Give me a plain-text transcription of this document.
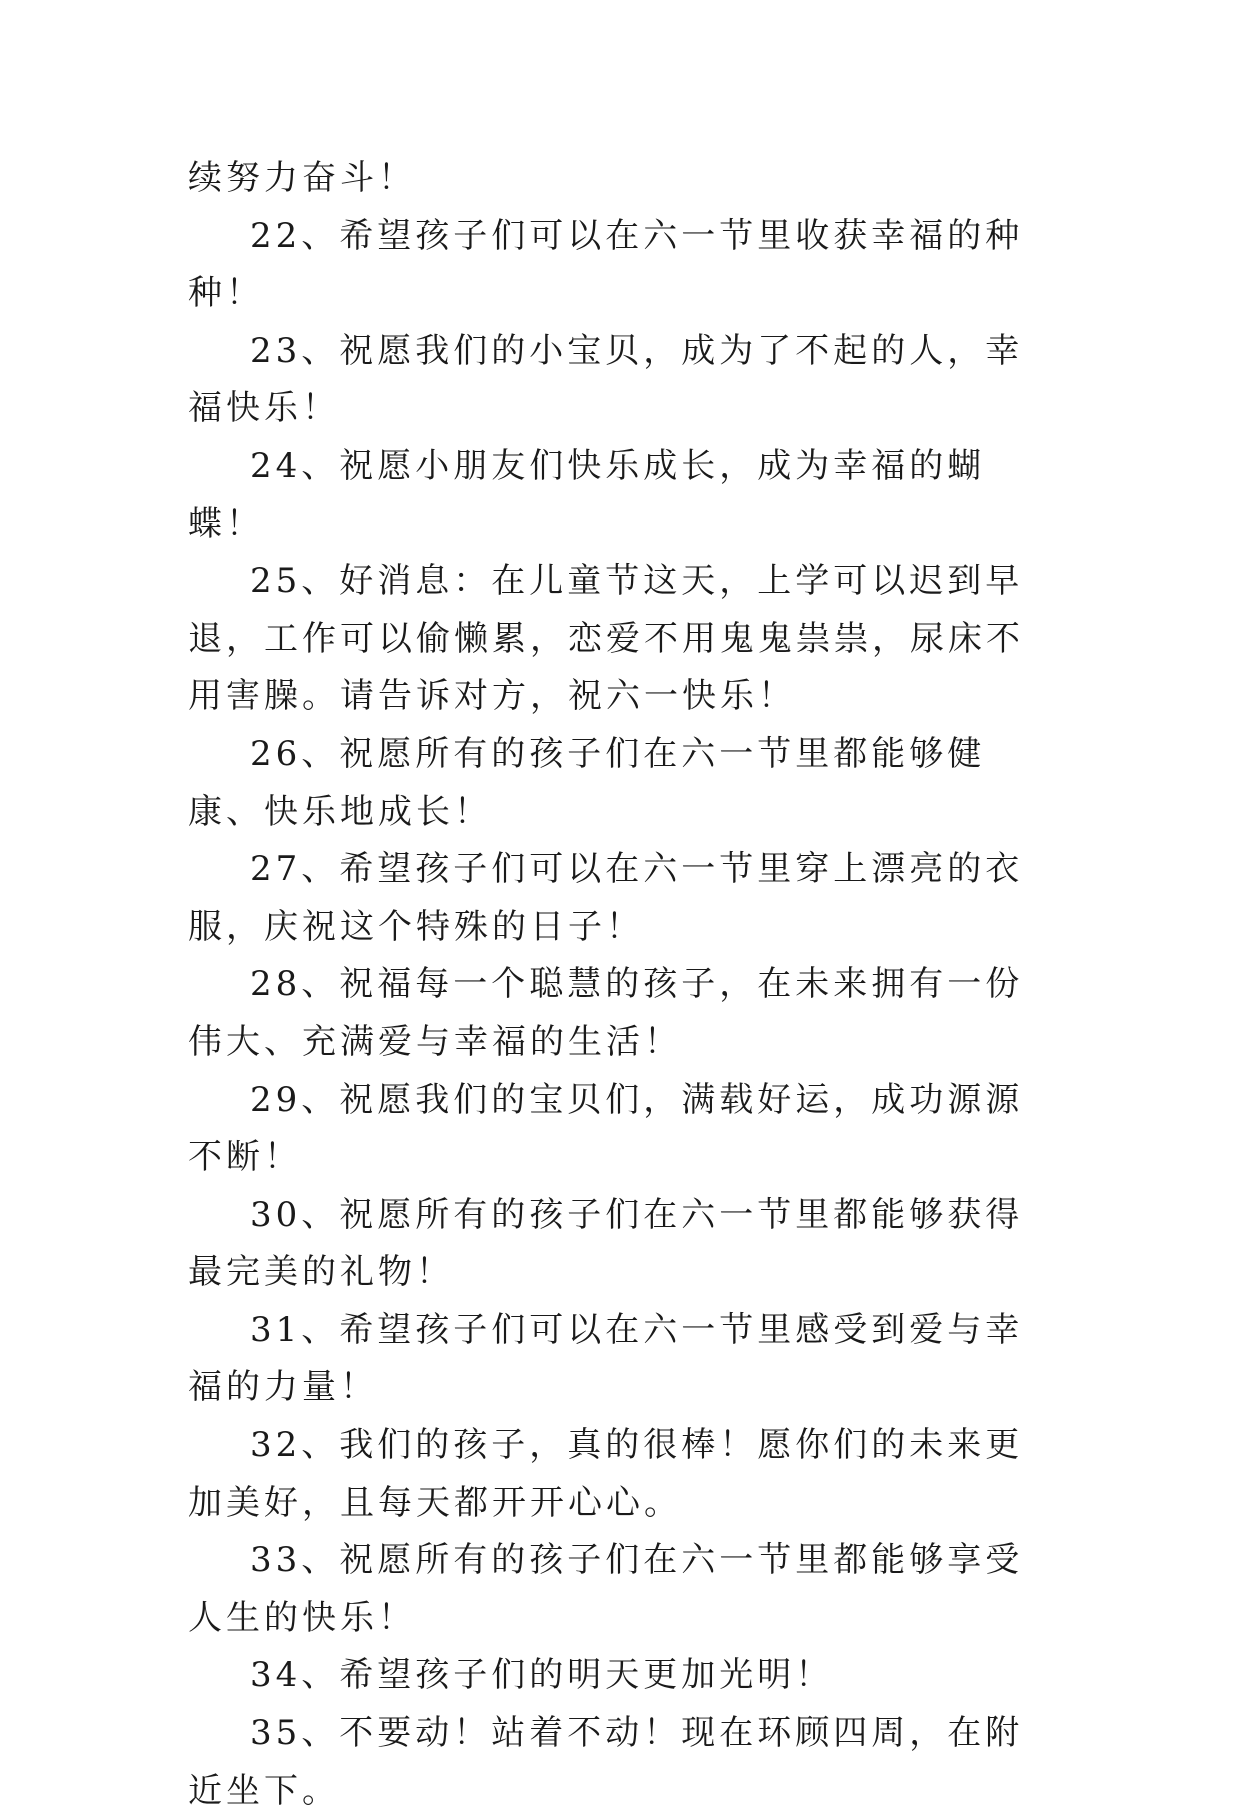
续努力奋斗！

22、希望孩子们可以在六一节里收获幸福的种种！

23、祝愿我们的小宝贝，成为了不起的人，幸福快乐！

24、祝愿小朋友们快乐成长，成为幸福的蝴蝶！

25、好消息：在儿童节这天，上学可以迟到早退，工作可以偷懒累，恋爱不用鬼鬼祟祟，尿床不用害臊。请告诉对方，祝六一快乐！

26、祝愿所有的孩子们在六一节里都能够健康、快乐地成长！

27、希望孩子们可以在六一节里穿上漂亮的衣服，庆祝这个特殊的日子！

28、祝福每一个聪慧的孩子，在未来拥有一份伟大、充满爱与幸福的生活！

29、祝愿我们的宝贝们，满载好运，成功源源不断！

30、祝愿所有的孩子们在六一节里都能够获得最完美的礼物！

31、希望孩子们可以在六一节里感受到爱与幸福的力量！

32、我们的孩子，真的很棒！愿你们的未来更加美好，且每天都开开心心。

33、祝愿所有的孩子们在六一节里都能够享受人生的快乐！

34、希望孩子们的明天更加光明！

35、不要动！站着不动！现在环顾四周，在附近坐下。
